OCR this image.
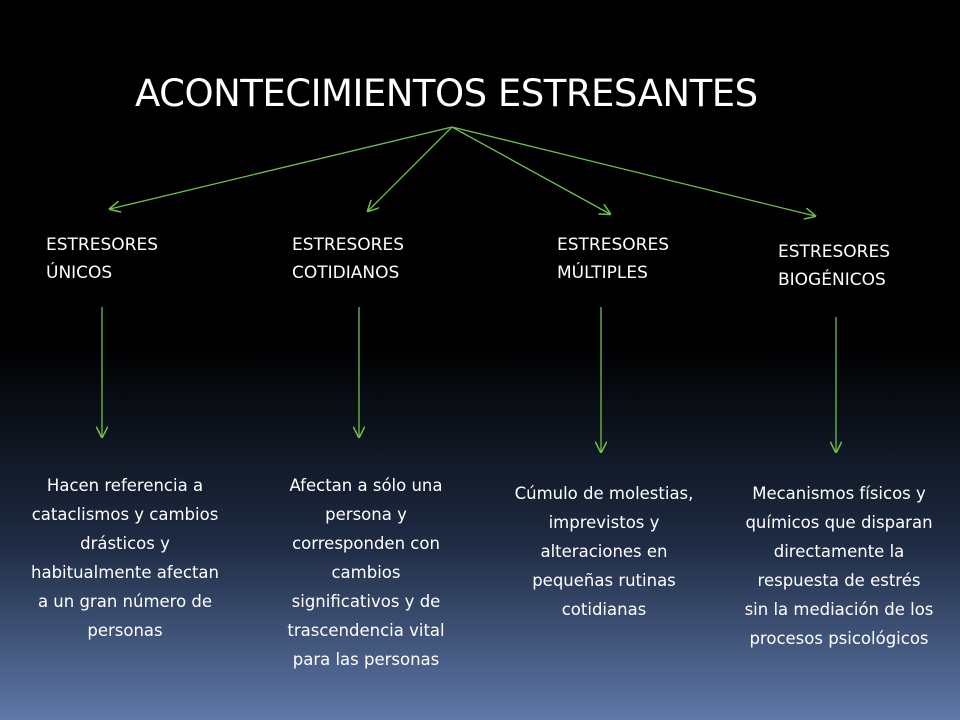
ACONTECIMIENTOS ESTRESANTES
ESTRESORES
ÚNICOS
ESTRESORES
COTIDIANOS
ESTRESORES
MÚLTIPLES
ESTRESORES
BIOGÉNICOS
Hacen referencia a
cataclismos y cambios
drásticos y
habitualmente afectan
a un gran número de
personas
Afectan a sólo una
persona y
corresponden con
cambios
significativos y de
trascendencia vital
para las personas
Cúmulo de molestias,
imprevistos y
alteraciones en
pequeñas rutinas
cotidianas
Mecanismos físicos y
químicos que disparan
directamente la
respuesta de estrés
sin la mediación de los
procesos psicológicos
